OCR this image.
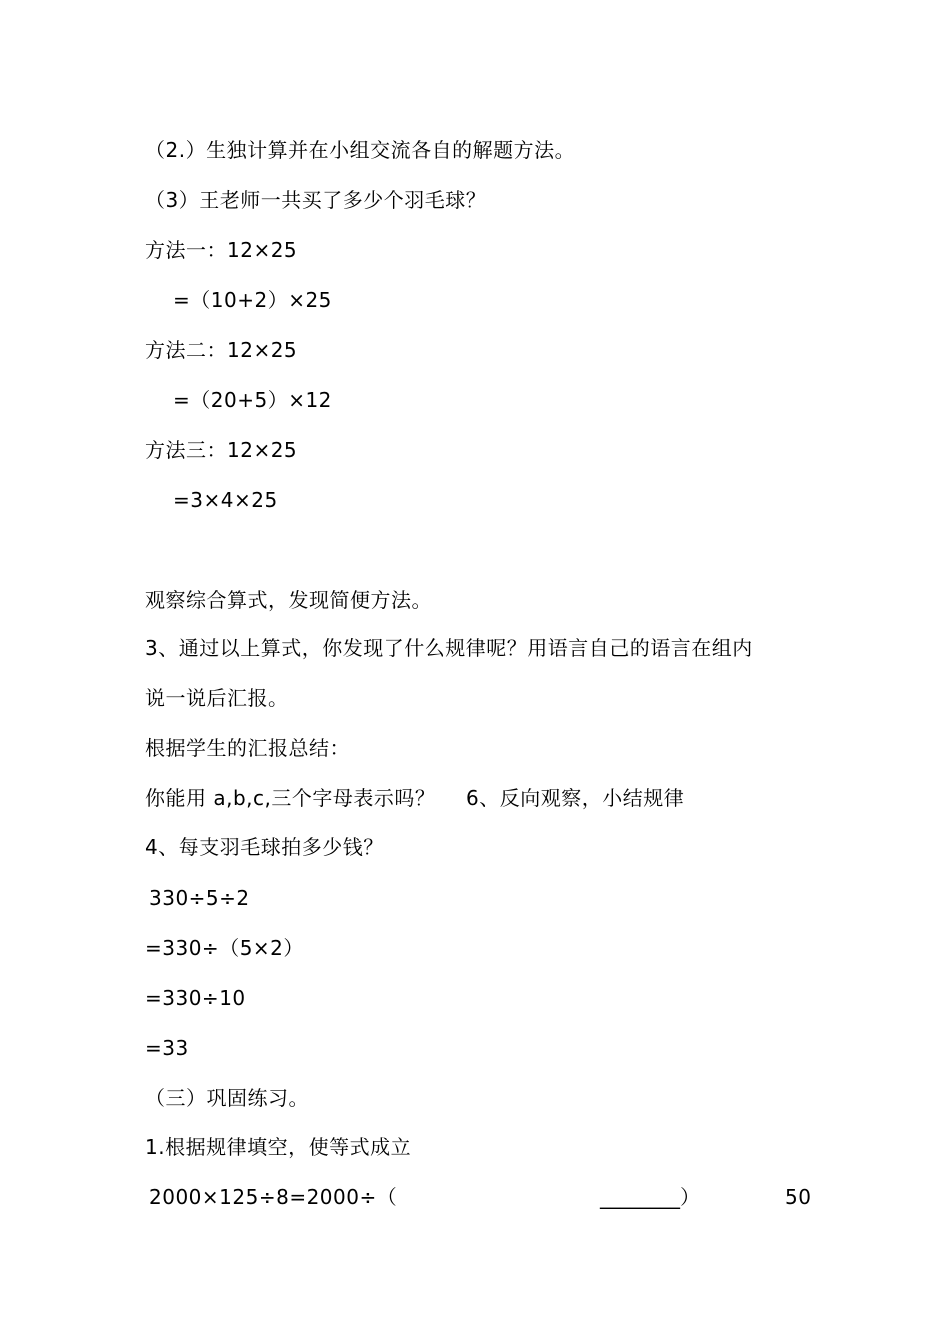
（2.）生独计算并在小组交流各自的解题方法。
（3）王老师一共买了多少个羽毛球？
方法一：12×25
=（10+2）×25
方法二：12×25
=（20+5）×12
方法三：12×25
=3×4×25
观察综合算式，发现简便方法。
3、通过以上算式，你发现了什么规律呢？用语言自己的语言在组内
说一说后汇报。
根据学生的汇报总结：
你能用 a,b,c,三个字母表示吗？ 6、反向观察，小结规律
4、每支羽毛球拍多少钱？
330÷5÷2
=330÷（5×2）
=330÷10
=33
（三）巩固练习。
1.根据规律填空，使等式成立
2000×125÷8=2000÷（	________）	50
